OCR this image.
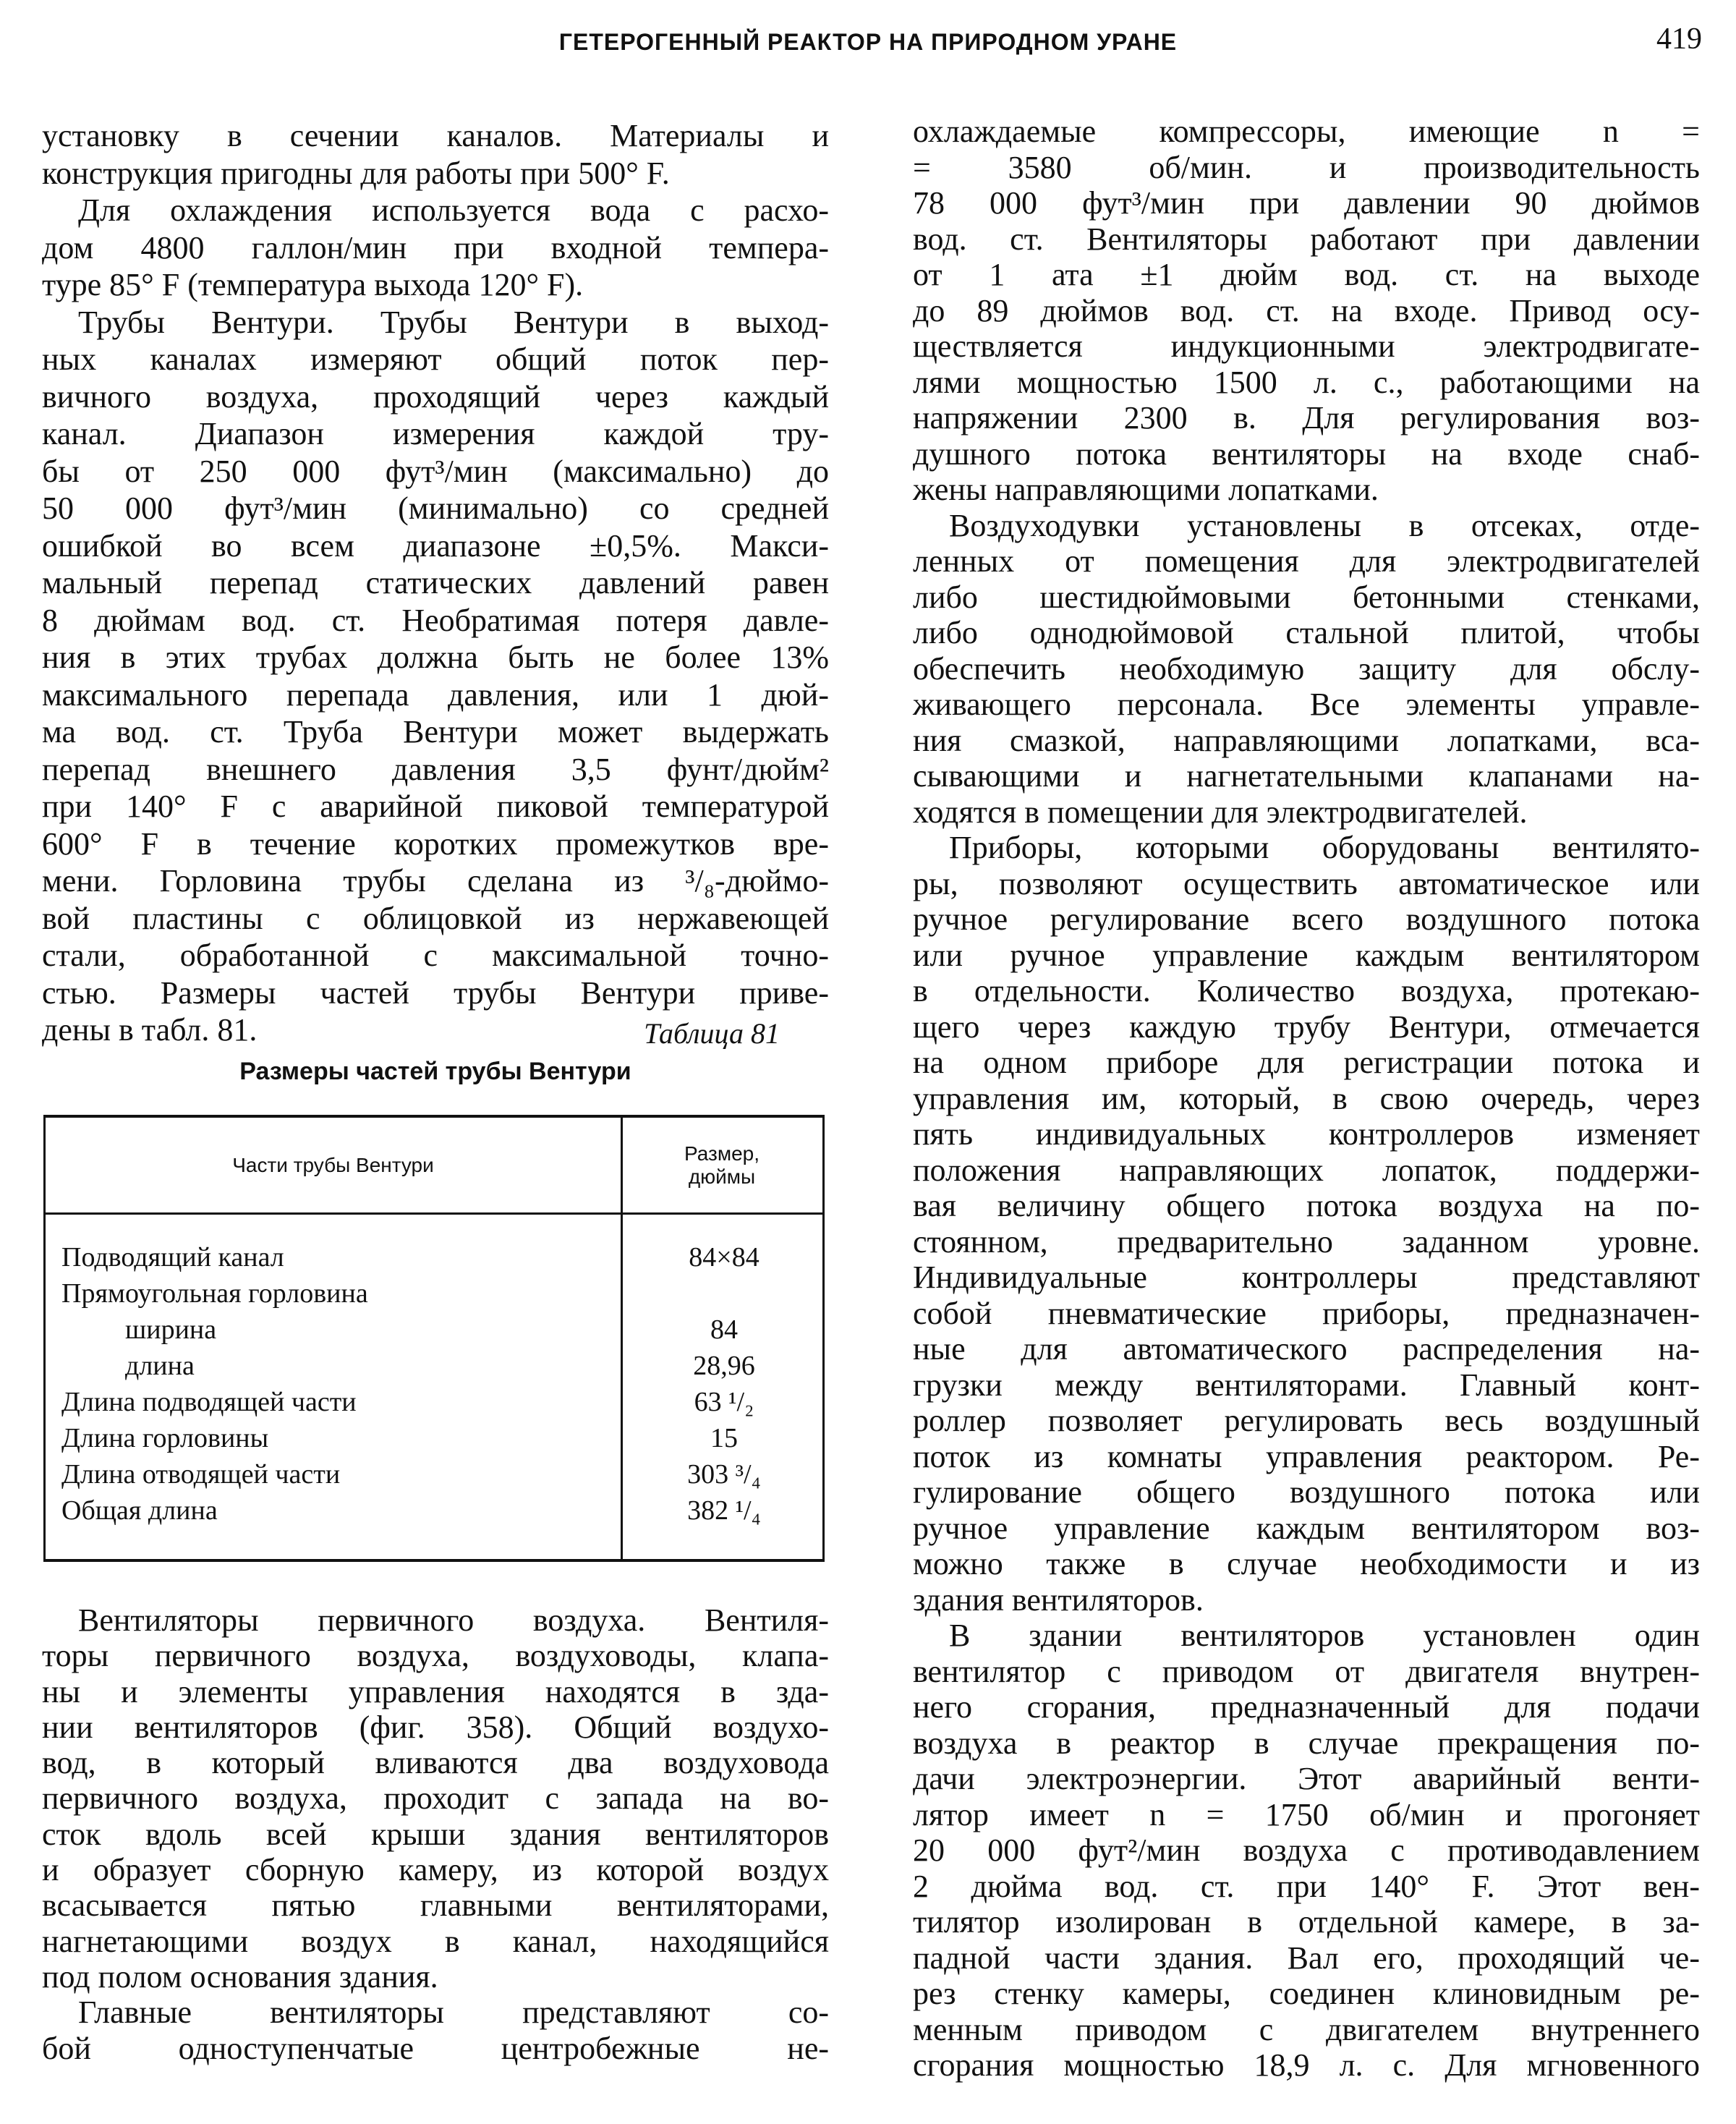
ГЕТЕРОГЕННЫЙ РЕАКТОР НА ПРИРОДНОМ УРАНЕ	419
установку в сечении каналов. Материалы и
конструкция пригодны для работы при 500° F.
Для охлаждения используется вода с расхо-
дом 4800 галлон/мин при входной темпера-
туре 85° F (температура выхода 120° F).
Трубы Вентури. Трубы Вентури в выход-
ных каналах измеряют общий поток пер-
вичного воздуха, проходящий через каждый
канал. Диапазон измерения каждой тру-
бы от 250 000 фут³/мин (максимально) до
50 000 фут³/мин (минимально) со средней
ошибкой во всем диапазоне ±0,5%. Макси-
мальный перепад статических давлений равен
8 дюймам вод. ст. Необратимая потеря давле-
ния в этих трубах должна быть не более 13%
максимального перепада давления, или 1 дюй-
ма вод. ст. Труба Вентури может выдержать
перепад внешнего давления 3,5 фунт/дюйм²
при 140° F с аварийной пиковой температурой
600° F в течение коротких промежутков вре-
мени. Горловина трубы сделана из ³/₈-дюймо-
вой пластины с облицовкой из нержавеющей
стали, обработанной с максимальной точно-
стью. Размеры частей трубы Вентури приве-
дены в табл. 81.	Таблица 81
Размеры частей трубы Вентури
Части трубы Вентури
Размер, дюймы
Подводящий канал	84×84
Прямоугольная горловина
ширина	84
длина	28,96
Длина подводящей части	63 ¹/₂
Длина горловины	15
Длина отводящей части	303 ³/₄
Общая длина	382 ¹/₄
Вентиляторы первичного воздуха. Вентиля-
торы первичного воздуха, воздуховоды, клапа-
ны и элементы управления находятся в зда-
нии вентиляторов (фиг. 358). Общий воздухо-
вод, в который вливаются два воздуховода
первичного воздуха, проходит с запада на во-
сток вдоль всей крыши здания вентиляторов
и образует сборную камеру, из которой воздух
всасывается пятью главными вентиляторами,
нагнетающими воздух в канал, находящийся
под полом основания здания.
Главные вентиляторы представляют со-
бой одноступенчатые центробежные не-
охлаждаемые компрессоры, имеющие n =
= 3580 об/мин. и производительность
78 000 фут³/мин при давлении 90 дюймов
вод. ст. Вентиляторы работают при давлении
от 1 ата ±1 дюйм вод. ст. на выходе
до 89 дюймов вод. ст. на входе. Привод осу-
ществляется индукционными электродвигате-
лями мощностью 1500 л. с., работающими на
напряжении 2300 в. Для регулирования воз-
душного потока вентиляторы на входе снаб-
жены направляющими лопатками.
Воздуходувки установлены в отсеках, отде-
ленных от помещения для электродвигателей
либо шестидюймовыми бетонными стенками,
либо однодюймовой стальной плитой, чтобы
обеспечить необходимую защиту для обслу-
живающего персонала. Все элементы управле-
ния смазкой, направляющими лопатками, вса-
сывающими и нагнетательными клапанами на-
ходятся в помещении для электродвигателей.
Приборы, которыми оборудованы вентилято-
ры, позволяют осуществить автоматическое или
ручное регулирование всего воздушного потока
или ручное управление каждым вентилятором
в отдельности. Количество воздуха, протекаю-
щего через каждую трубу Вентури, отмечается
на одном приборе для регистрации потока и
управления им, который, в свою очередь, через
пять индивидуальных контроллеров изменяет
положения направляющих лопаток, поддержи-
вая величину общего потока воздуха на по-
стоянном, предварительно заданном уровне.
Индивидуальные контроллеры представляют
собой пневматические приборы, предназначен-
ные для автоматического распределения на-
грузки между вентиляторами. Главный конт-
роллер позволяет регулировать весь воздушный
поток из комнаты управления реактором. Ре-
гулирование общего воздушного потока или
ручное управление каждым вентилятором воз-
можно также в случае необходимости и из
здания вентиляторов.
В здании вентиляторов установлен один
вентилятор с приводом от двигателя внутрен-
него сгорания, предназначенный для подачи
воздуха в реактор в случае прекращения по-
дачи электроэнергии. Этот аварийный венти-
лятор имеет n = 1750 об/мин и прогоняет
20 000 фут²/мин воздуха с противодавлением
2 дюйма вод. ст. при 140° F. Этот вен-
тилятор изолирован в отдельной камере, в за-
падной части здания. Вал его, проходящий че-
рез стенку камеры, соединен клиновидным ре-
менным приводом с двигателем внутреннего
сгорания мощностью 18,9 л. с. Для мгновенного
